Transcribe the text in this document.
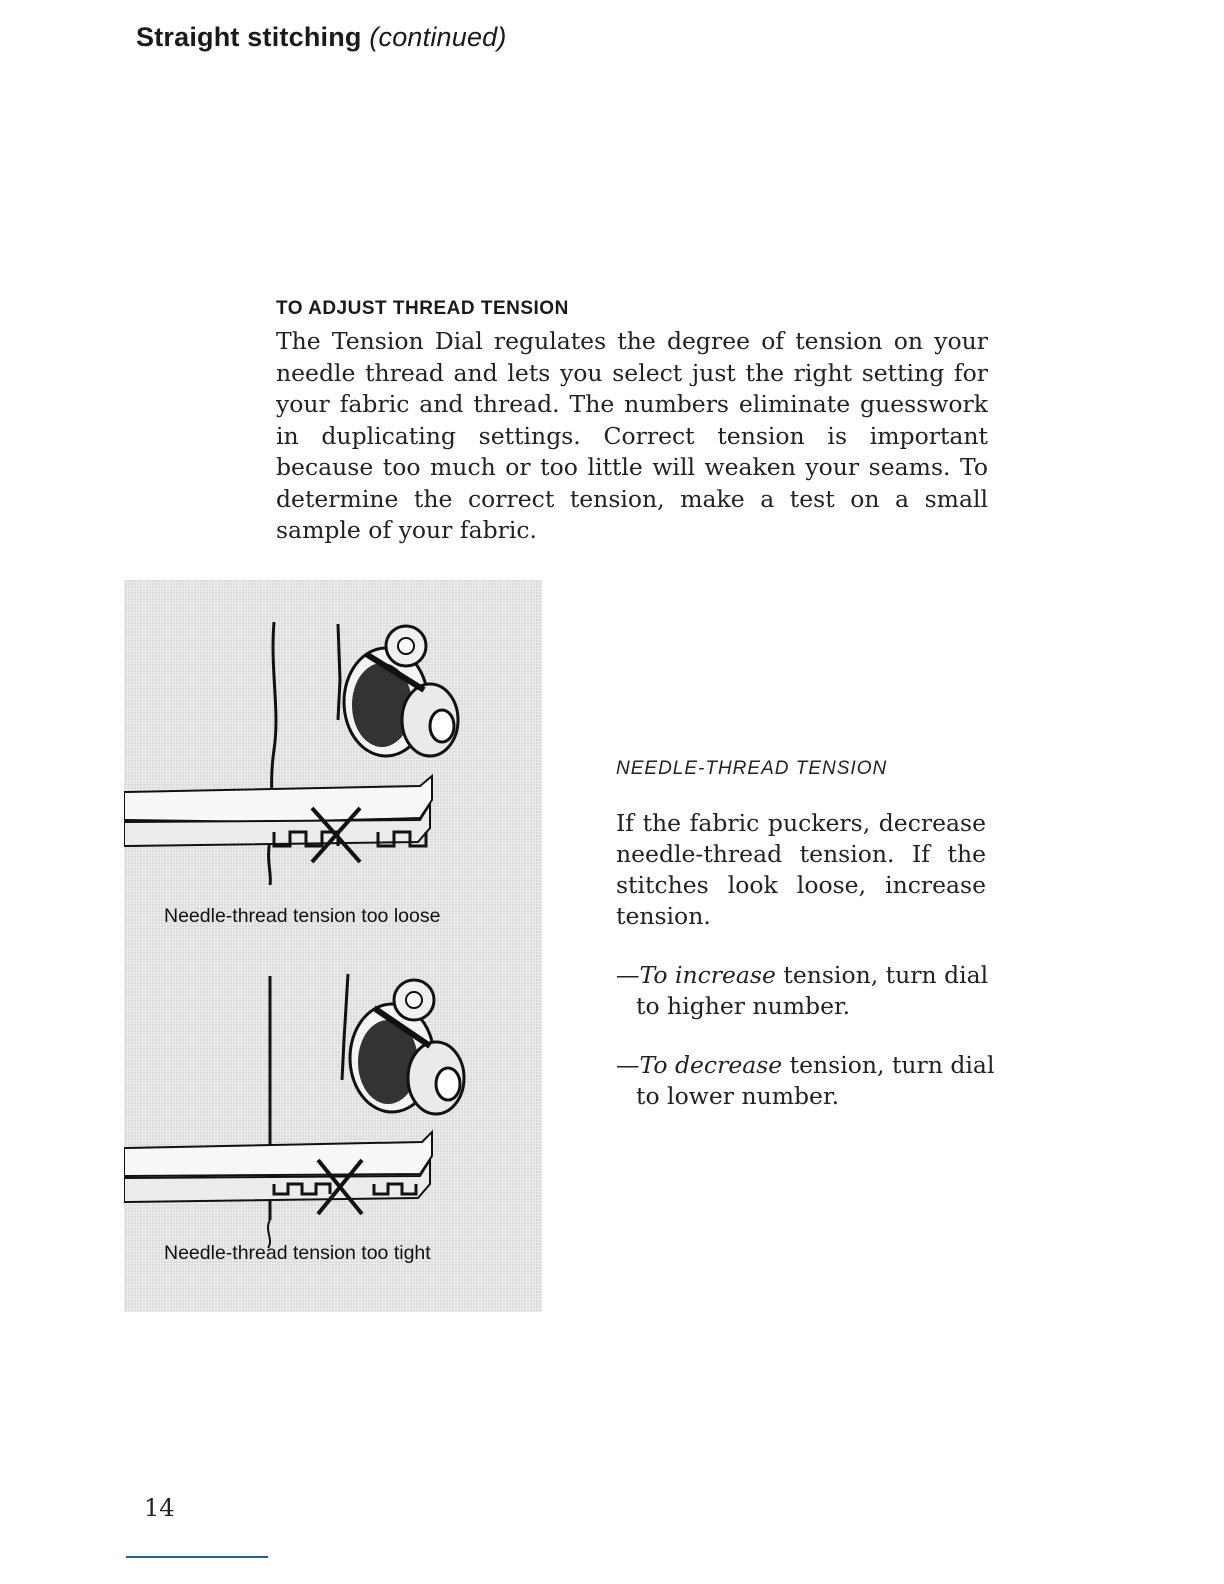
Straight stitching (continued)
TO ADJUST THREAD TENSION
The Tension Dial regulates the degree of tension on your needle thread and lets you select just the right setting for your fabric and thread. The numbers eliminate guesswork in duplicating settings. Correct tension is important because too much or too little will weaken your seams. To determine the correct tension, make a test on a small sample of your fabric.
Needle-thread tension too loose
Needle-thread tension too tight
NEEDLE-THREAD TENSION
If the fabric puckers, decrease needle-thread tension. If the stitches look loose, increase tension.
—To increase tension, turn dial to higher number.
—To decrease tension, turn dial to lower number.
14
